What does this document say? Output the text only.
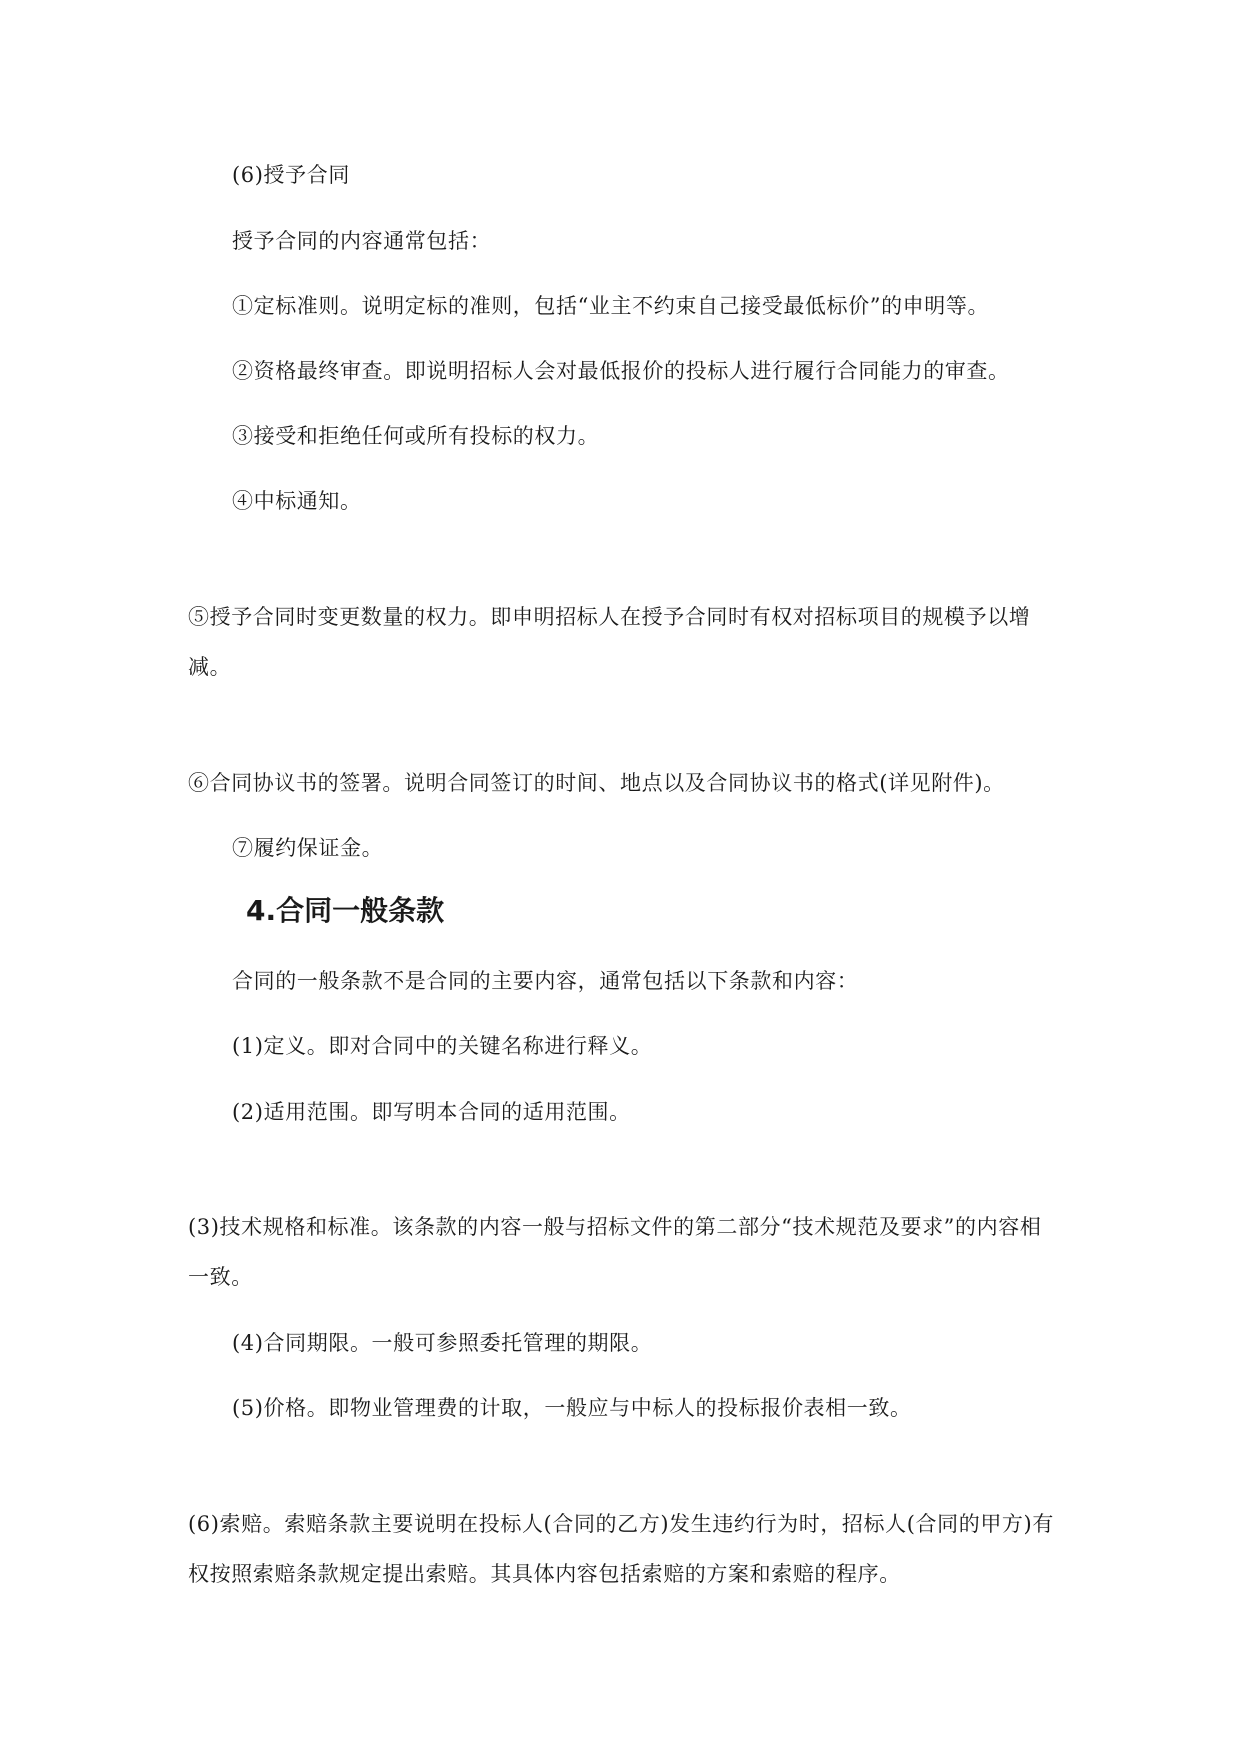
(6)授予合同
授予合同的内容通常包括：
①定标准则。说明定标的准则，包括“业主不约束自己接受最低标价”的申明等。
②资格最终审查。即说明招标人会对最低报价的投标人进行履行合同能力的审查。
③接受和拒绝任何或所有投标的权力。
④中标通知。
⑤授予合同时变更数量的权力。即申明招标人在授予合同时有权对招标项目的规模予以增
减。
⑥合同协议书的签署。说明合同签订的时间、地点以及合同协议书的格式(详见附件)。
⑦履约保证金。
4.合同一般条款
合同的一般条款不是合同的主要内容，通常包括以下条款和内容：
(1)定义。即对合同中的关键名称进行释义。
(2)适用范围。即写明本合同的适用范围。
(3)技术规格和标准。该条款的内容一般与招标文件的第二部分“技术规范及要求”的内容相
一致。
(4)合同期限。一般可参照委托管理的期限。
(5)价格。即物业管理费的计取，一般应与中标人的投标报价表相一致。
(6)索赔。索赔条款主要说明在投标人(合同的乙方)发生违约行为时，招标人(合同的甲方)有
权按照索赔条款规定提出索赔。其具体内容包括索赔的方案和索赔的程序。
